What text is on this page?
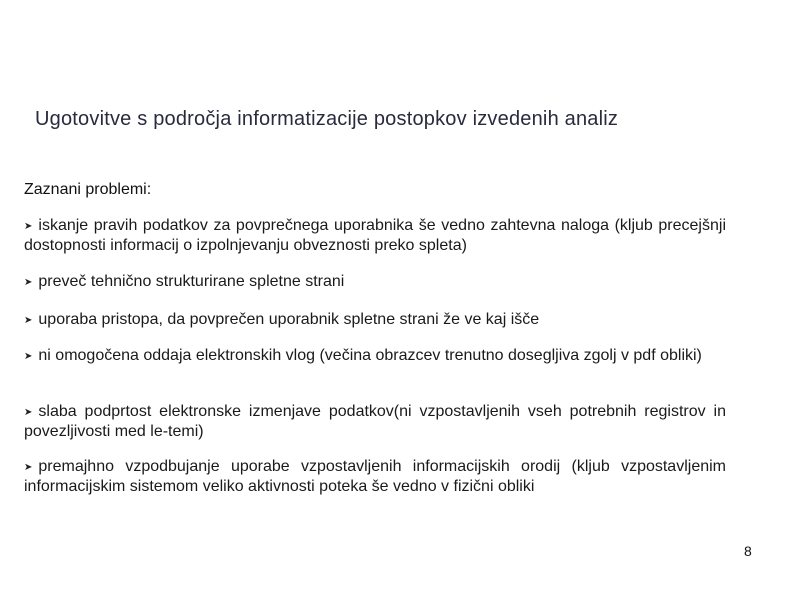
Ugotovitve s področja informatizacije postopkov izvedenih analiz
Zaznani problemi:
➤ iskanje pravih podatkov za povprečnega uporabnika še vedno zahtevna naloga (kljub precejšnji dostopnosti informacij o izpolnjevanju obveznosti preko spleta)
➤ preveč tehnično strukturirane spletne strani
➤ uporaba pristopa, da povprečen uporabnik spletne strani že ve kaj išče
➤ ni omogočena oddaja elektronskih vlog (večina obrazcev trenutno dosegljiva zgolj v pdf obliki)
➤ slaba podprtost elektronske izmenjave podatkov(ni vzpostavljenih vseh potrebnih registrov in povezljivosti med le-temi)
➤ premajhno vzpodbujanje uporabe vzpostavljenih informacijskih orodij (kljub vzpostavljenim informacijskim sistemom veliko aktivnosti poteka še vedno v fizični obliki
8
